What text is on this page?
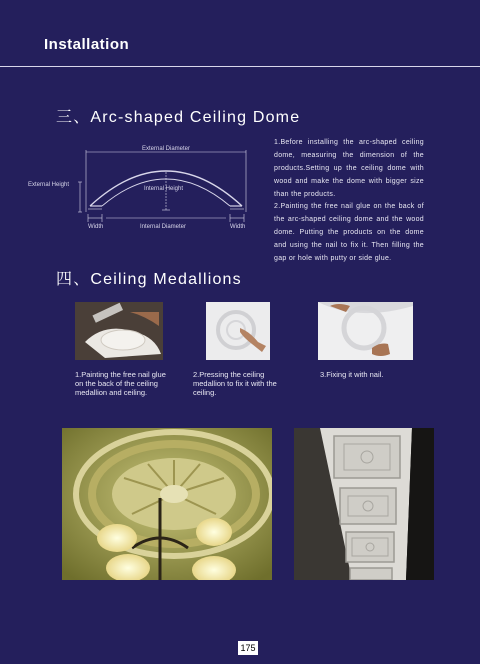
Installation
三、Arc-shaped Ceiling Dome
External Diameter
External Height
Internal Height
Width	Internal Diameter	Width
1.Before installing the arc-shaped ceiling dome, measuring the dimension of the products.Setting up the ceiling dome with wood and make the dome with bigger size than the products.
2.Painting the free nail glue on the back of the arc-shaped ceiling dome and the wood dome. Putting the products on the dome and using the nail to fix it. Then filling the gap or hole with putty or side glue.
四、Ceiling Medallions
1.Painting the free nail glue on the back of the ceiling medallion and ceiling.
2.Pressing the ceiling medallion to fix it with the ceiling.
3.Fixing it with nail.
175
